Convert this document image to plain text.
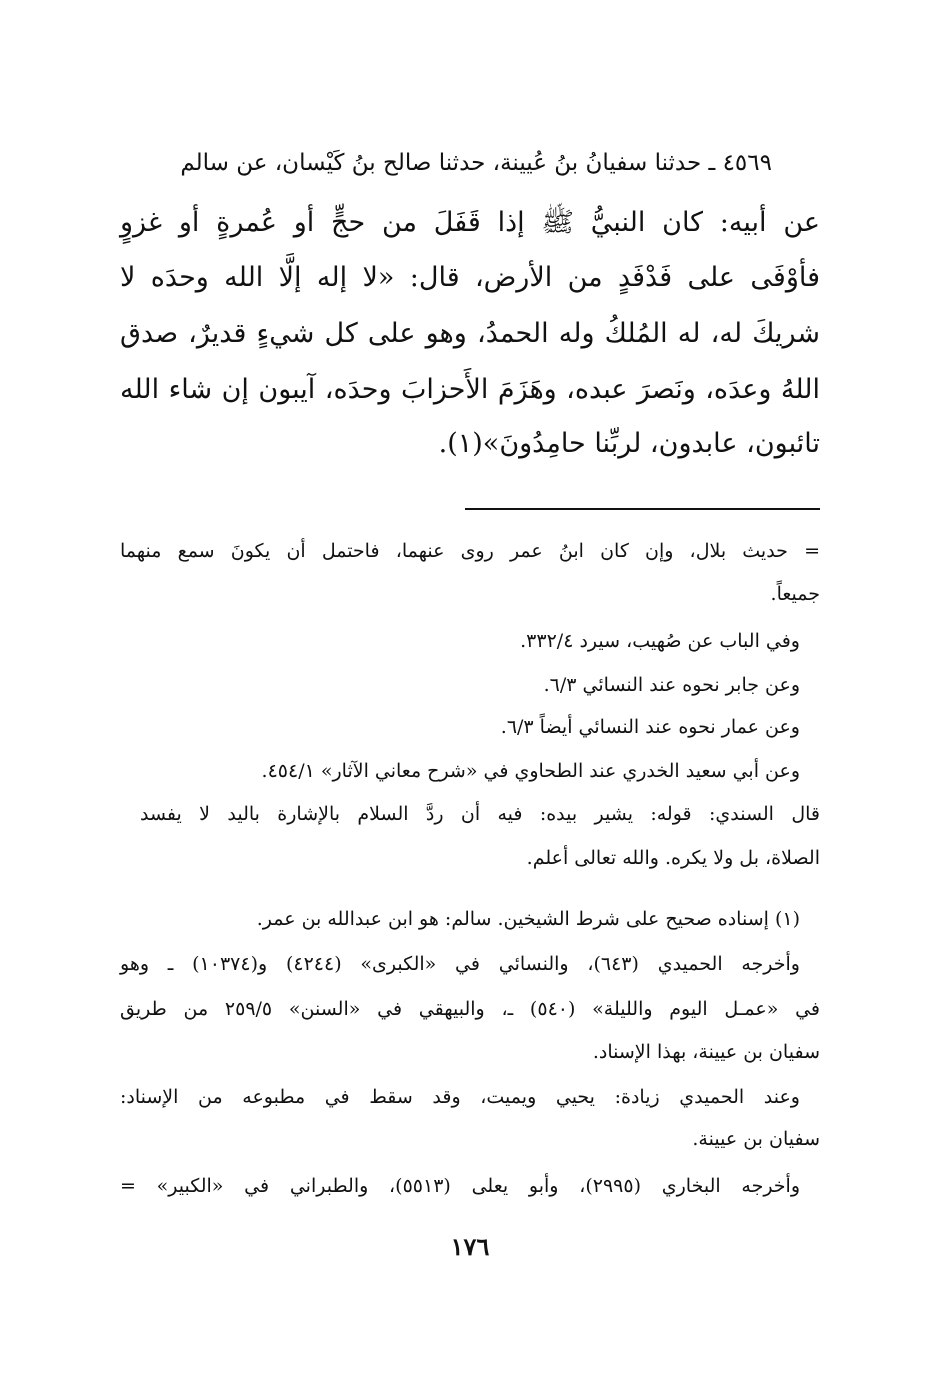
٤٥٦٩ ـ حدثنا سفيانُ بنُ عُيينة، حدثنا صالح بنُ كَيْسان، عن سالم
عن أبيه: كان النبيُّ ﷺ إذا قَفَلَ من حجٍّ أو عُمرةٍ أو غزوٍ
فأوْفَى على فَدْفَدٍ من الأرض، قال: «لا إله إلَّا الله وحدَه لا
شريكَ له، له المُلكُ وله الحمدُ، وهو على كل شيءٍ قديرٌ، صدق
اللهُ وعدَه، ونَصرَ عبده، وهَزَمَ الأَحزابَ وحدَه، آيبون إن شاء الله
تائبون، عابدون، لربِّنا حامِدُونَ»(١).
= حديث بلال، وإن كان ابنُ عمر روى عنهما، فاحتمل أن يكونَ سمع منهما
جميعاً.
وفي الباب عن صُهيب، سيرد ٣٣٢/٤.
وعن جابر نحوه عند النسائي ٦/٣.
وعن عمار نحوه عند النسائي أيضاً ٦/٣.
وعن أبي سعيد الخدري عند الطحاوي في «شرح معاني الآثار» ٤٥٤/١.
قال السندي: قوله: يشير بيده: فيه أن ردَّ السلام بالإشارة باليد لا يفسد
الصلاة، بل ولا يكره. والله تعالى أعلم.
(١) إسناده صحيح على شرط الشيخين. سالم: هو ابن عبدالله بن عمر.
وأخرجه الحميدي (٦٤٣)، والنسائي في «الكبرى» (٤٢٤٤) و(١٠٣٧٤) ـ وهو
في «عمـل اليوم والليلة» (٥٤٠) ـ، والبيهقي في «السنن» ٢٥٩/٥ من طريق
سفيان بن عيينة، بهذا الإسناد.
وعند الحميدي زيادة: يحيي ويميت، وقد سقط في مطبوعه من الإسناد:
سفيان بن عيينة.
وأخرجه البخاري (٢٩٩٥)، وأبو يعلى (٥٥١٣)، والطبراني في «الكبير» =
١٧٦
